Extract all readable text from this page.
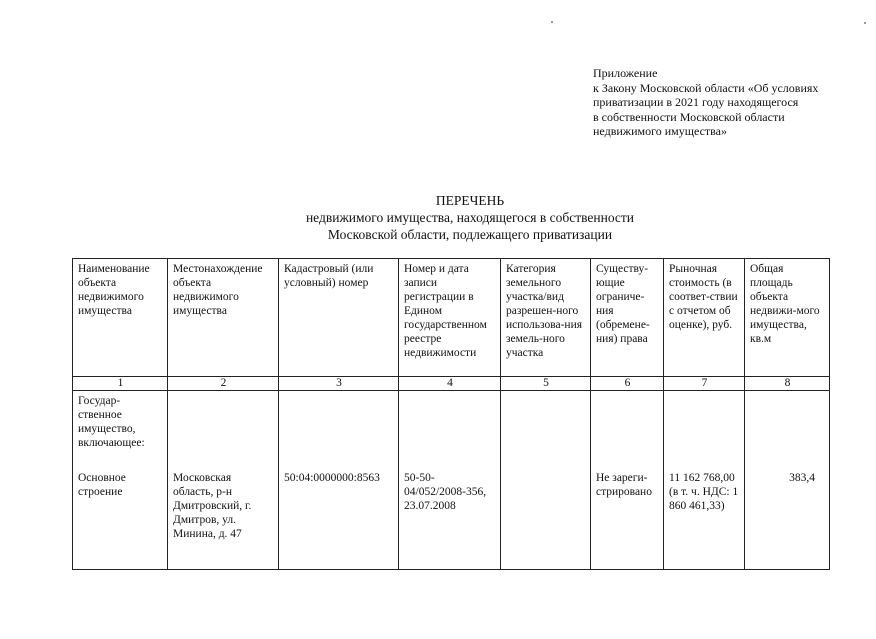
Приложение
к Закону Московской области «Об условиях
приватизации в 2021 году находящегося
в собственности Московской области
недвижимого имущества»
ПЕРЕЧЕНЬ
недвижимого имущества, находящегося в собственности
Московской области, подлежащего приватизации
Наименование объекта недвижимого имущества	Местонахождение объекта недвижимого имущества	Кадастровый (или условный) номер	Номер и дата записи регистрации в Едином государственном реестре недвижимости	Категория земельного участка/вид разрешен-ного использова-ния земель-ного участка	Существу-ющие ограниче-ния (обремене-ния) права	Рыночная стоимость (в соответ-ствии с отчетом об оценке), руб.	Общая площадь объекта недвижи-мого имущества, кв.м
1	2	3	4	5	6	7	8
Государ-ственное имущество, включающее:							
Основное строение	Московская область, р-н Дмитровский, г. Дмитров, ул. Минина, д. 47	50:04:0000000:8563	50-50-04/052/2008-356, 23.07.2008		Не зареги-стрировано	11 162 768,00 (в т. ч. НДС: 1 860 461,33)	383,4
